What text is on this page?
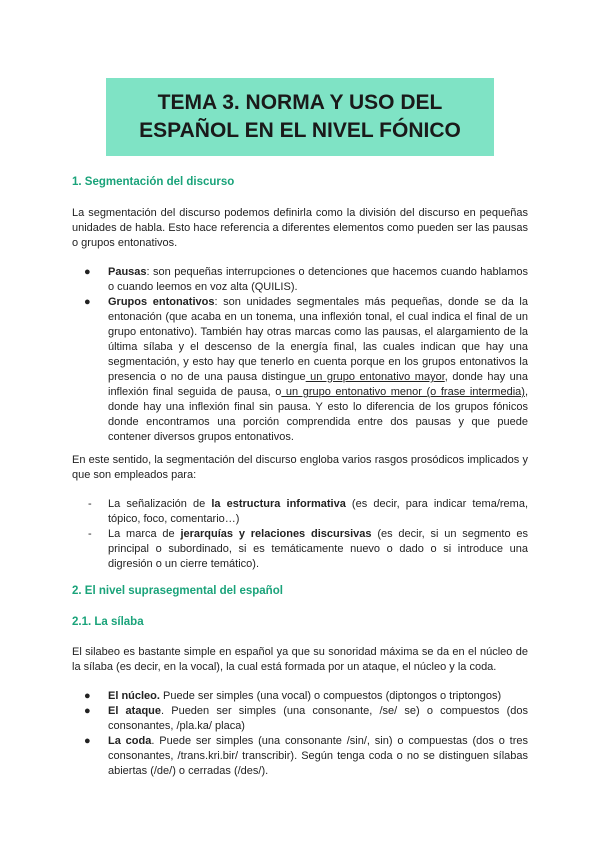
TEMA 3. NORMA Y USO DEL
ESPAÑOL EN EL NIVEL FÓNICO
1. Segmentación del discurso

La segmentación del discurso podemos definirla como la división del discurso en pequeñas unidades de habla. Esto hace referencia a diferentes elementos como pueden ser las pausas o grupos entonativos.

● Pausas: son pequeñas interrupciones o detenciones que hacemos cuando hablamos o cuando leemos en voz alta (QUILIS).
● Grupos entonativos: son unidades segmentales más pequeñas, donde se da la entonación (que acaba en un tonema, una inflexión tonal, el cual indica el final de un grupo entonativo). También hay otras marcas como las pausas, el alargamiento de la última sílaba y el descenso de la energía final, las cuales indican que hay una segmentación, y esto hay que tenerlo en cuenta porque en los grupos entonativos la presencia o no de una pausa distingue un grupo entonativo mayor, donde hay una inflexión final seguida de pausa, o un grupo entonativo menor (o frase intermedia), donde hay una inflexión final sin pausa. Y esto lo diferencia de los grupos fónicos donde encontramos una porción comprendida entre dos pausas y que puede contener diversos grupos entonativos.

En este sentido, la segmentación del discurso engloba varios rasgos prosódicos implicados y que son empleados para:

- La señalización de la estructura informativa (es decir, para indicar tema/rema, tópico, foco, comentario…)
- La marca de jerarquías y relaciones discursivas (es decir, si un segmento es principal o subordinado, si es temáticamente nuevo o dado o si introduce una digresión o un cierre temático).
2. El nivel suprasegmental del español
2.1. La sílaba

El silabeo es bastante simple en español ya que su sonoridad máxima se da en el núcleo de la sílaba (es decir, en la vocal), la cual está formada por un ataque, el núcleo y la coda.

● El núcleo. Puede ser simples (una vocal) o compuestos (diptongos o triptongos)
● El ataque. Pueden ser simples (una consonante, /se/ se) o compuestos (dos consonantes, /pla.ka/ placa)
● La coda. Puede ser simples (una consonante /sin/, sin) o compuestas (dos o tres consonantes, /trans.kri.bir/ transcribir). Según tenga coda o no se distinguen sílabas abiertas (/de/) o cerradas (/des/).
